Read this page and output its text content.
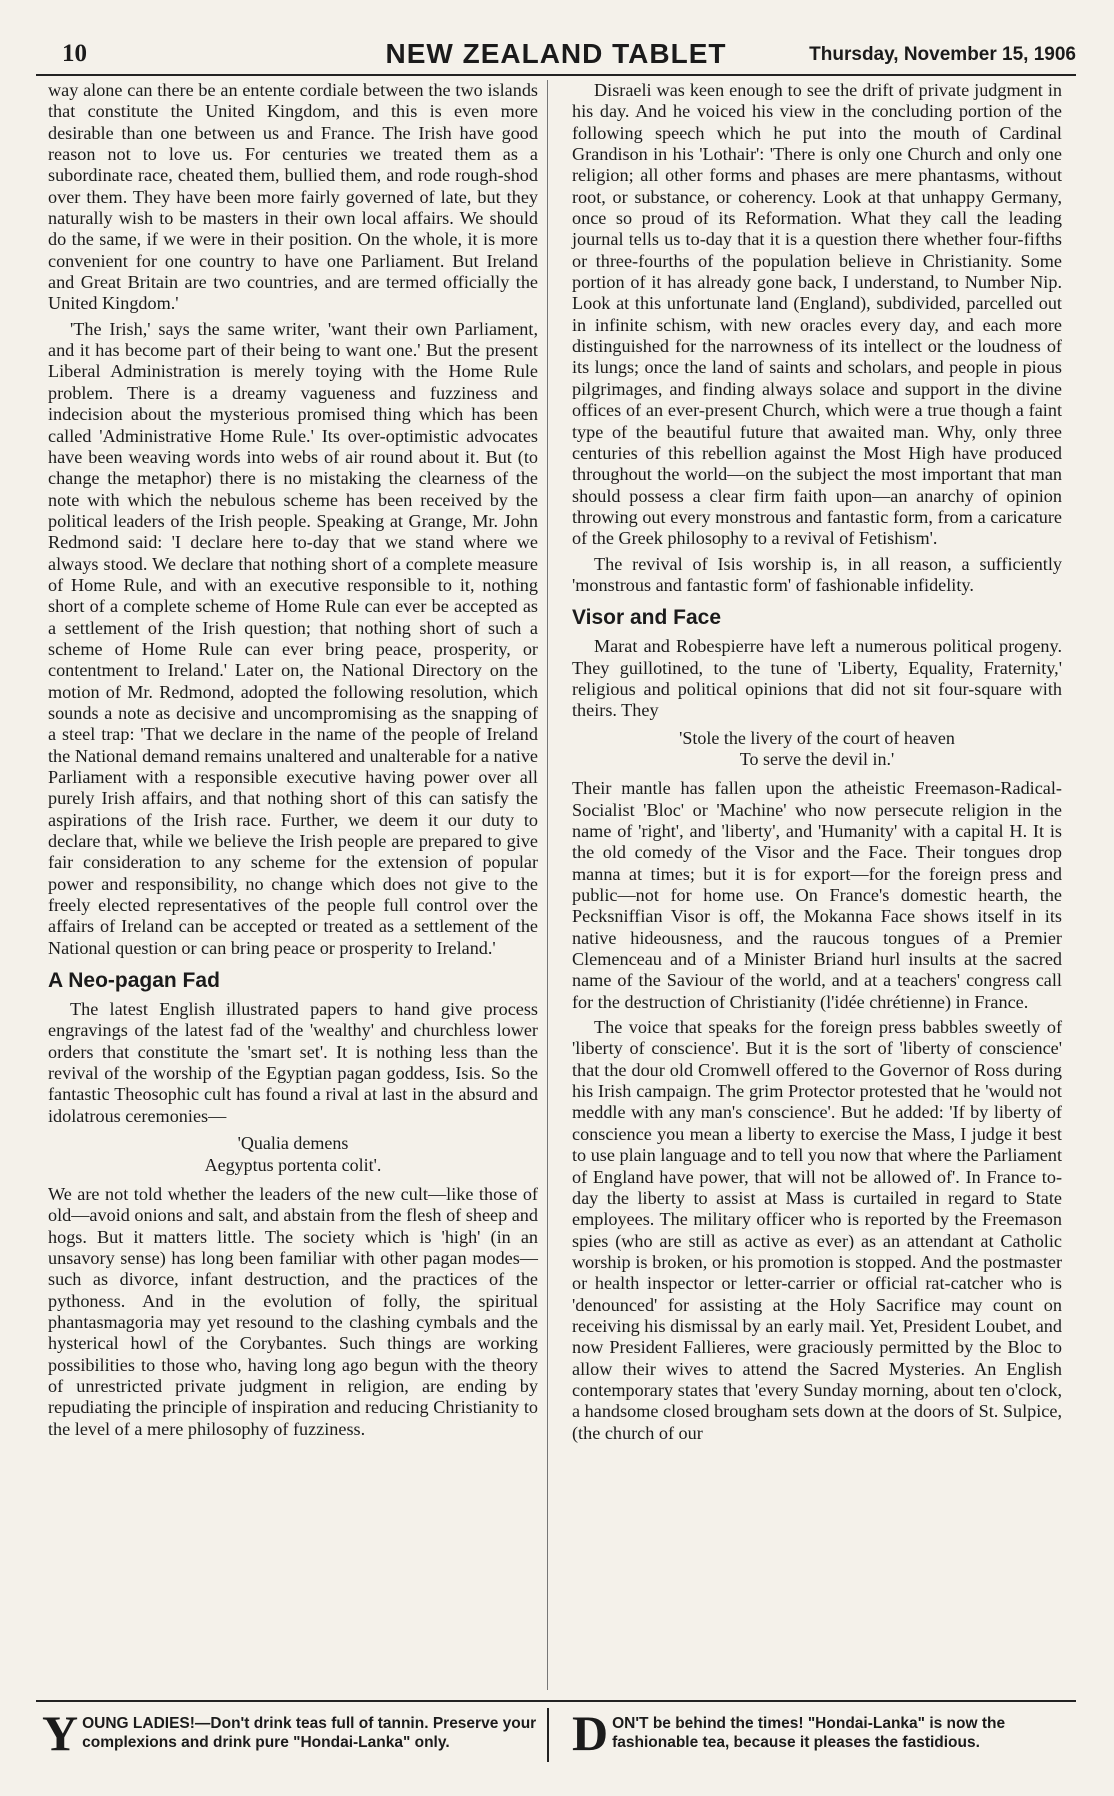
10	NEW ZEALAND TABLET	Thursday, November 15, 1906

way alone can there be an entente cordiale between the two islands that constitute the United Kingdom, and this is even more desirable than one between us and France. The Irish have good reason not to love us. For centuries we treated them as a subordinate race, cheated them, bullied them, and rode rough-shod over them. They have been more fairly governed of late, but they naturally wish to be masters in their own local affairs. We should do the same, if we were in their position. On the whole, it is more convenient for one country to have one Parliament. But Ireland and Great Britain are two countries, and are termed officially the United Kingdom.'

'The Irish,' says the same writer, 'want their own Parliament, and it has become part of their being to want one.' But the present Liberal Administration is merely toying with the Home Rule problem. There is a dreamy vagueness and fuzziness and indecision about the mysterious promised thing which has been called 'Administrative Home Rule.' Its over-optimistic advocates have been weaving words into webs of air round about it. But (to change the metaphor) there is no mistaking the clearness of the note with which the nebulous scheme has been received by the political leaders of the Irish people. Speaking at Grange, Mr. John Redmond said: 'I declare here to-day that we stand where we always stood. We declare that nothing short of a complete measure of Home Rule, and with an executive responsible to it, nothing short of a complete scheme of Home Rule can ever be accepted as a settlement of the Irish question; that nothing short of such a scheme of Home Rule can ever bring peace, prosperity, or contentment to Ireland.' Later on, the National Directory on the motion of Mr. Redmond, adopted the following resolution, which sounds a note as decisive and uncompromising as the snapping of a steel trap: 'That we declare in the name of the people of Ireland the National demand remains unaltered and unalterable for a native Parliament with a responsible executive having power over all purely Irish affairs, and that nothing short of this can satisfy the aspirations of the Irish race. Further, we deem it our duty to declare that, while we believe the Irish people are prepared to give fair consideration to any scheme for the extension of popular power and responsibility, no change which does not give to the freely elected representatives of the people full control over the affairs of Ireland can be accepted or treated as a settlement of the National question or can bring peace or prosperity to Ireland.'

A Neo-pagan Fad

The latest English illustrated papers to hand give process engravings of the latest fad of the 'wealthy' and churchless lower orders that constitute the 'smart set'. It is nothing less than the revival of the worship of the Egyptian pagan goddess, Isis. So the fantastic Theosophic cult has found a rival at last in the absurd and idolatrous ceremonies—

'Qualia demens
Aegyptus portenta colit'.

We are not told whether the leaders of the new cult—like those of old—avoid onions and salt, and abstain from the flesh of sheep and hogs. But it matters little. The society which is 'high' (in an unsavory sense) has long been familiar with other pagan modes—such as divorce, infant destruction, and the practices of the pythoness. And in the evolution of folly, the spiritual phantasmagoria may yet resound to the clashing cymbals and the hysterical howl of the Corybantes. Such things are working possibilities to those who, having long ago begun with the theory of unrestricted private judgment in religion, are ending by repudiating the principle of inspiration and reducing Christianity to the level of a mere philosophy of fuzziness.

Disraeli was keen enough to see the drift of private judgment in his day. And he voiced his view in the concluding portion of the following speech which he put into the mouth of Cardinal Grandison in his 'Lothair': 'There is only one Church and only one religion; all other forms and phases are mere phantasms, without root, or substance, or coherency. Look at that unhappy Germany, once so proud of its Reformation. What they call the leading journal tells us to-day that it is a question there whether four-fifths or three-fourths of the population believe in Christianity. Some portion of it has already gone back, I understand, to Number Nip. Look at this unfortunate land (England), subdivided, parcelled out in infinite schism, with new oracles every day, and each more distinguished for the narrowness of its intellect or the loudness of its lungs; once the land of saints and scholars, and people in pious pilgrimages, and finding always solace and support in the divine offices of an ever-present Church, which were a true though a faint type of the beautiful future that awaited man. Why, only three centuries of this rebellion against the Most High have produced throughout the world—on the subject the most important that man should possess a clear firm faith upon—an anarchy of opinion throwing out every monstrous and fantastic form, from a caricature of the Greek philosophy to a revival of Fetishism'.

The revival of Isis worship is, in all reason, a sufficiently 'monstrous and fantastic form' of fashionable infidelity.

Visor and Face

Marat and Robespierre have left a numerous political progeny. They guillotined, to the tune of 'Liberty, Equality, Fraternity,' religious and political opinions that did not sit four-square with theirs. They

'Stole the livery of the court of heaven
To serve the devil in.'

Their mantle has fallen upon the atheistic Freemason-Radical-Socialist 'Bloc' or 'Machine' who now persecute religion in the name of 'right', and 'liberty', and 'Humanity' with a capital H. It is the old comedy of the Visor and the Face. Their tongues drop manna at times; but it is for export—for the foreign press and public—not for home use. On France's domestic hearth, the Pecksniffian Visor is off, the Mokanna Face shows itself in its native hideousness, and the raucous tongues of a Premier Clemenceau and of a Minister Briand hurl insults at the sacred name of the Saviour of the world, and at a teachers' congress call for the destruction of Christianity (l'idée chrétienne) in France.

The voice that speaks for the foreign press babbles sweetly of 'liberty of conscience'. But it is the sort of 'liberty of conscience' that the dour old Cromwell offered to the Governor of Ross during his Irish campaign. The grim Protector protested that he 'would not meddle with any man's conscience'. But he added: 'If by liberty of conscience you mean a liberty to exercise the Mass, I judge it best to use plain language and to tell you now that where the Parliament of England have power, that will not be allowed of'. In France to-day the liberty to assist at Mass is curtailed in regard to State employees. The military officer who is reported by the Freemason spies (who are still as active as ever) as an attendant at Catholic worship is broken, or his promotion is stopped. And the postmaster or health inspector or letter-carrier or official rat-catcher who is 'denounced' for assisting at the Holy Sacrifice may count on receiving his dismissal by an early mail. Yet, President Loubet, and now President Fallieres, were graciously permitted by the Bloc to allow their wives to attend the Sacred Mysteries. An English contemporary states that 'every Sunday morning, about ten o'clock, a handsome closed brougham sets down at the doors of St. Sulpice, (the church of our

Y OUNG LADIES!—Don't drink teas full of tannin. Preserve your complexions and drink pure "Hondai-Lanka" only.	D ON'T be behind the times! "Hondai-Lanka" is now the fashionable tea, because it pleases the fastidious.
